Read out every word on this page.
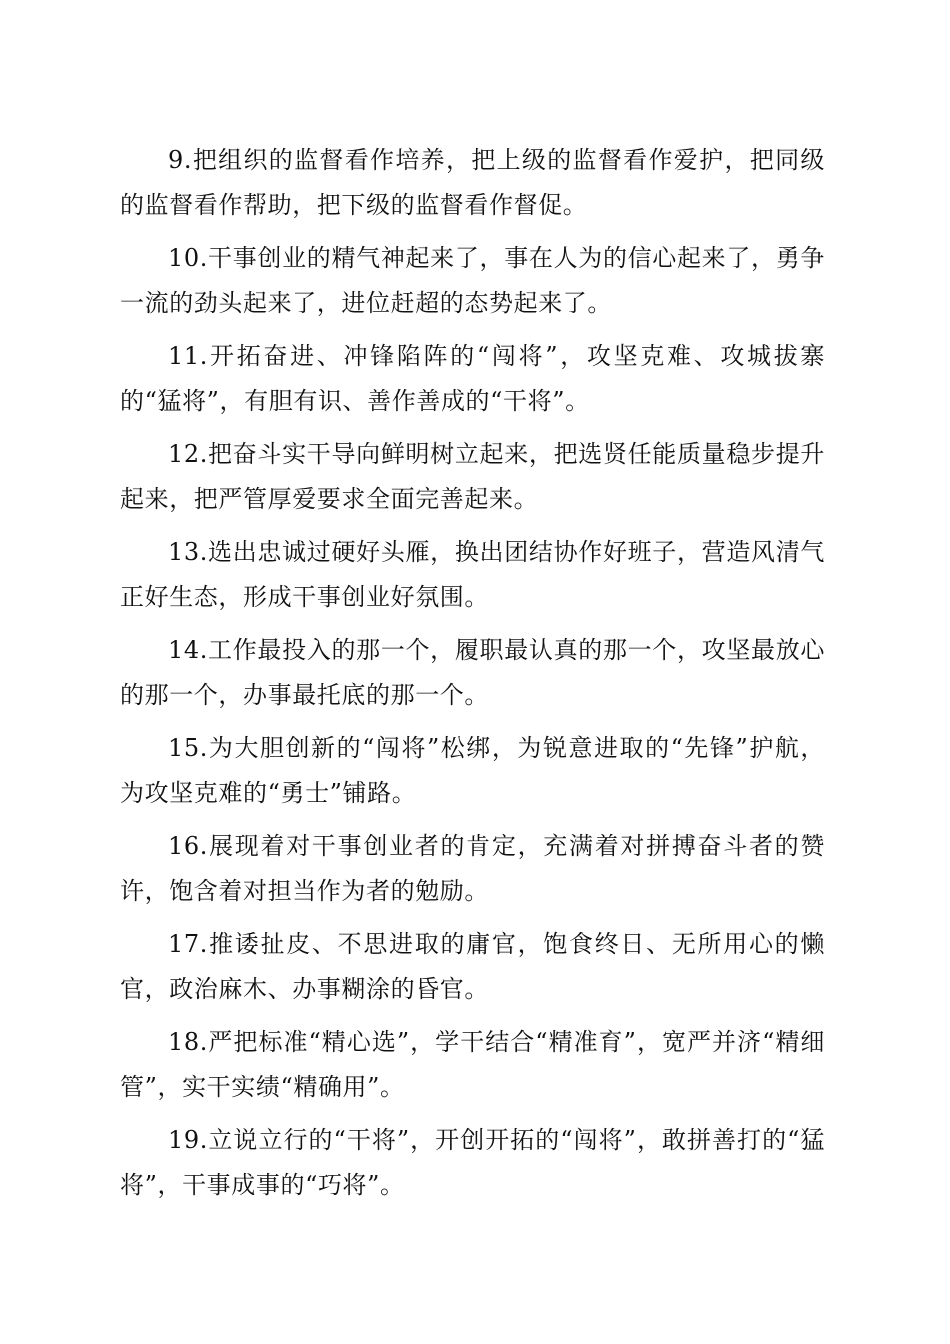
9.把组织的监督看作培养，把上级的监督看作爱护，把同级的监督看作帮助，把下级的监督看作督促。

10.干事创业的精气神起来了，事在人为的信心起来了，勇争一流的劲头起来了，进位赶超的态势起来了。

11.开拓奋进、冲锋陷阵的“闯将”，攻坚克难、攻城拔寨的“猛将”，有胆有识、善作善成的“干将”。

12.把奋斗实干导向鲜明树立起来，把选贤任能质量稳步提升起来，把严管厚爱要求全面完善起来。

13.选出忠诚过硬好头雁，换出团结协作好班子，营造风清气正好生态，形成干事创业好氛围。

14.工作最投入的那一个，履职最认真的那一个，攻坚最放心的那一个，办事最托底的那一个。

15.为大胆创新的“闯将”松绑，为锐意进取的“先锋”护航，为攻坚克难的“勇士”铺路。

16.展现着对干事创业者的肯定，充满着对拼搏奋斗者的赞许，饱含着对担当作为者的勉励。

17.推诿扯皮、不思进取的庸官，饱食终日、无所用心的懒官，政治麻木、办事糊涂的昏官。

18.严把标准“精心选”，学干结合“精准育”，宽严并济“精细管”，实干实绩“精确用”。

19.立说立行的“干将”，开创开拓的“闯将”，敢拼善打的“猛将”，干事成事的“巧将”。
